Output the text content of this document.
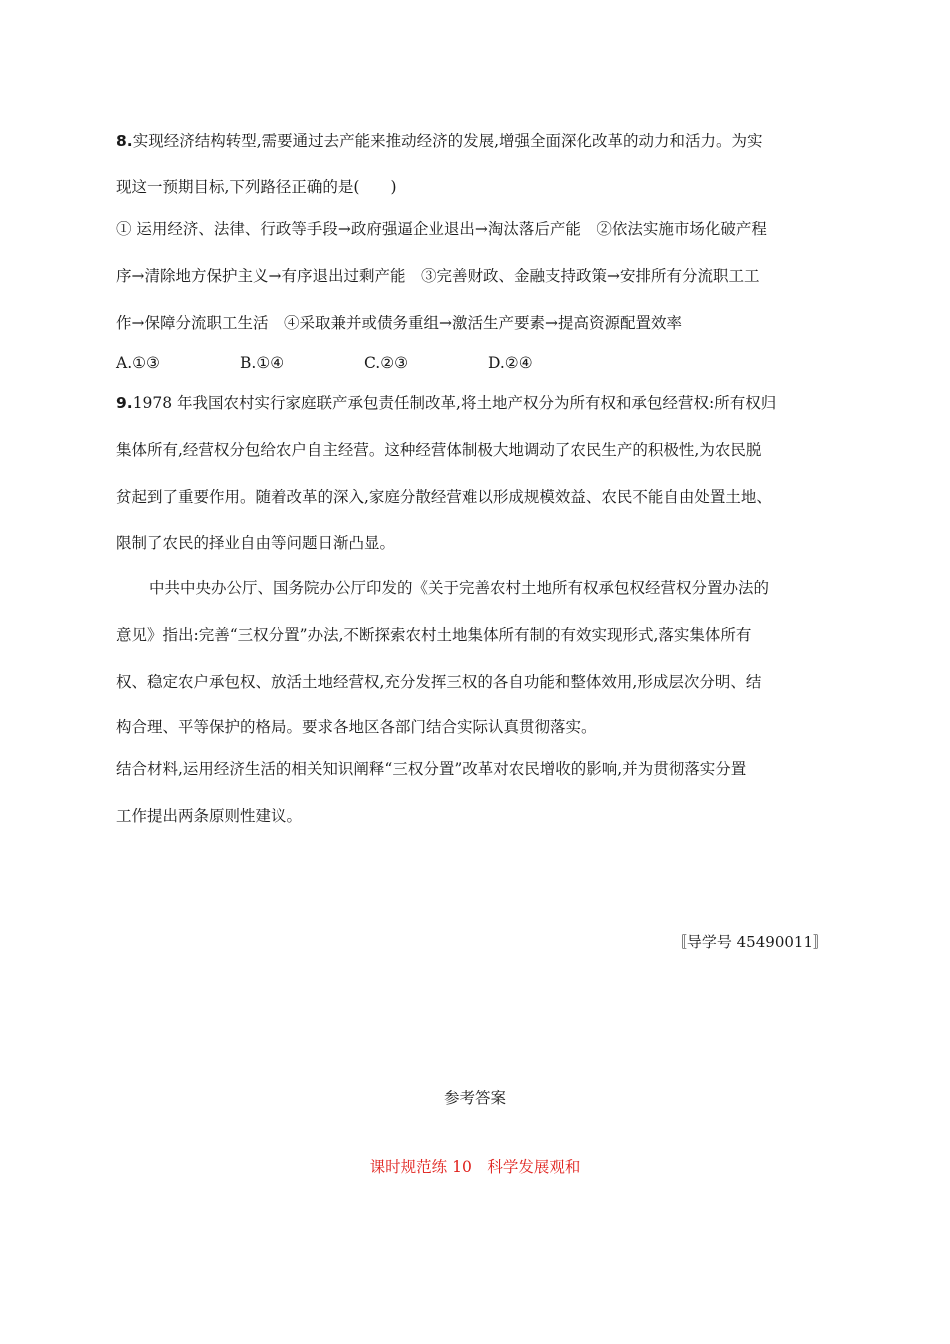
8.实现经济结构转型,需要通过去产能来推动经济的发展,增强全面深化改革的动力和活力。为实
现这一预期目标,下列路径正确的是(　　)
① 运用经济、法律、行政等手段→政府强逼企业退出→淘汰落后产能　②依法实施市场化破产程
序→清除地方保护主义→有序退出过剩产能　③完善财政、金融支持政策→安排所有分流职工工
作→保障分流职工生活　④采取兼并或债务重组→激活生产要素→提高资源配置效率
A.①③	B.①④	C.②③	D.②④
9.1978 年我国农村实行家庭联产承包责任制改革,将土地产权分为所有权和承包经营权:所有权归
集体所有,经营权分包给农户自主经营。这种经营体制极大地调动了农民生产的积极性,为农民脱
贫起到了重要作用。随着改革的深入,家庭分散经营难以形成规模效益、农民不能自由处置土地、
限制了农民的择业自由等问题日渐凸显。
中共中央办公厅、国务院办公厅印发的《关于完善农村土地所有权承包权经营权分置办法的
意见》指出:完善“三权分置”办法,不断探索农村土地集体所有制的有效实现形式,落实集体所有
权、稳定农户承包权、放活土地经营权,充分发挥三权的各自功能和整体效用,形成层次分明、结
构合理、平等保护的格局。要求各地区各部门结合实际认真贯彻落实。
结合材料,运用经济生活的相关知识阐释“三权分置”改革对农民增收的影响,并为贯彻落实分置
工作提出两条原则性建议。
〚导学号 45490011〛
参考答案
课时规范练 10　科学发展观和
